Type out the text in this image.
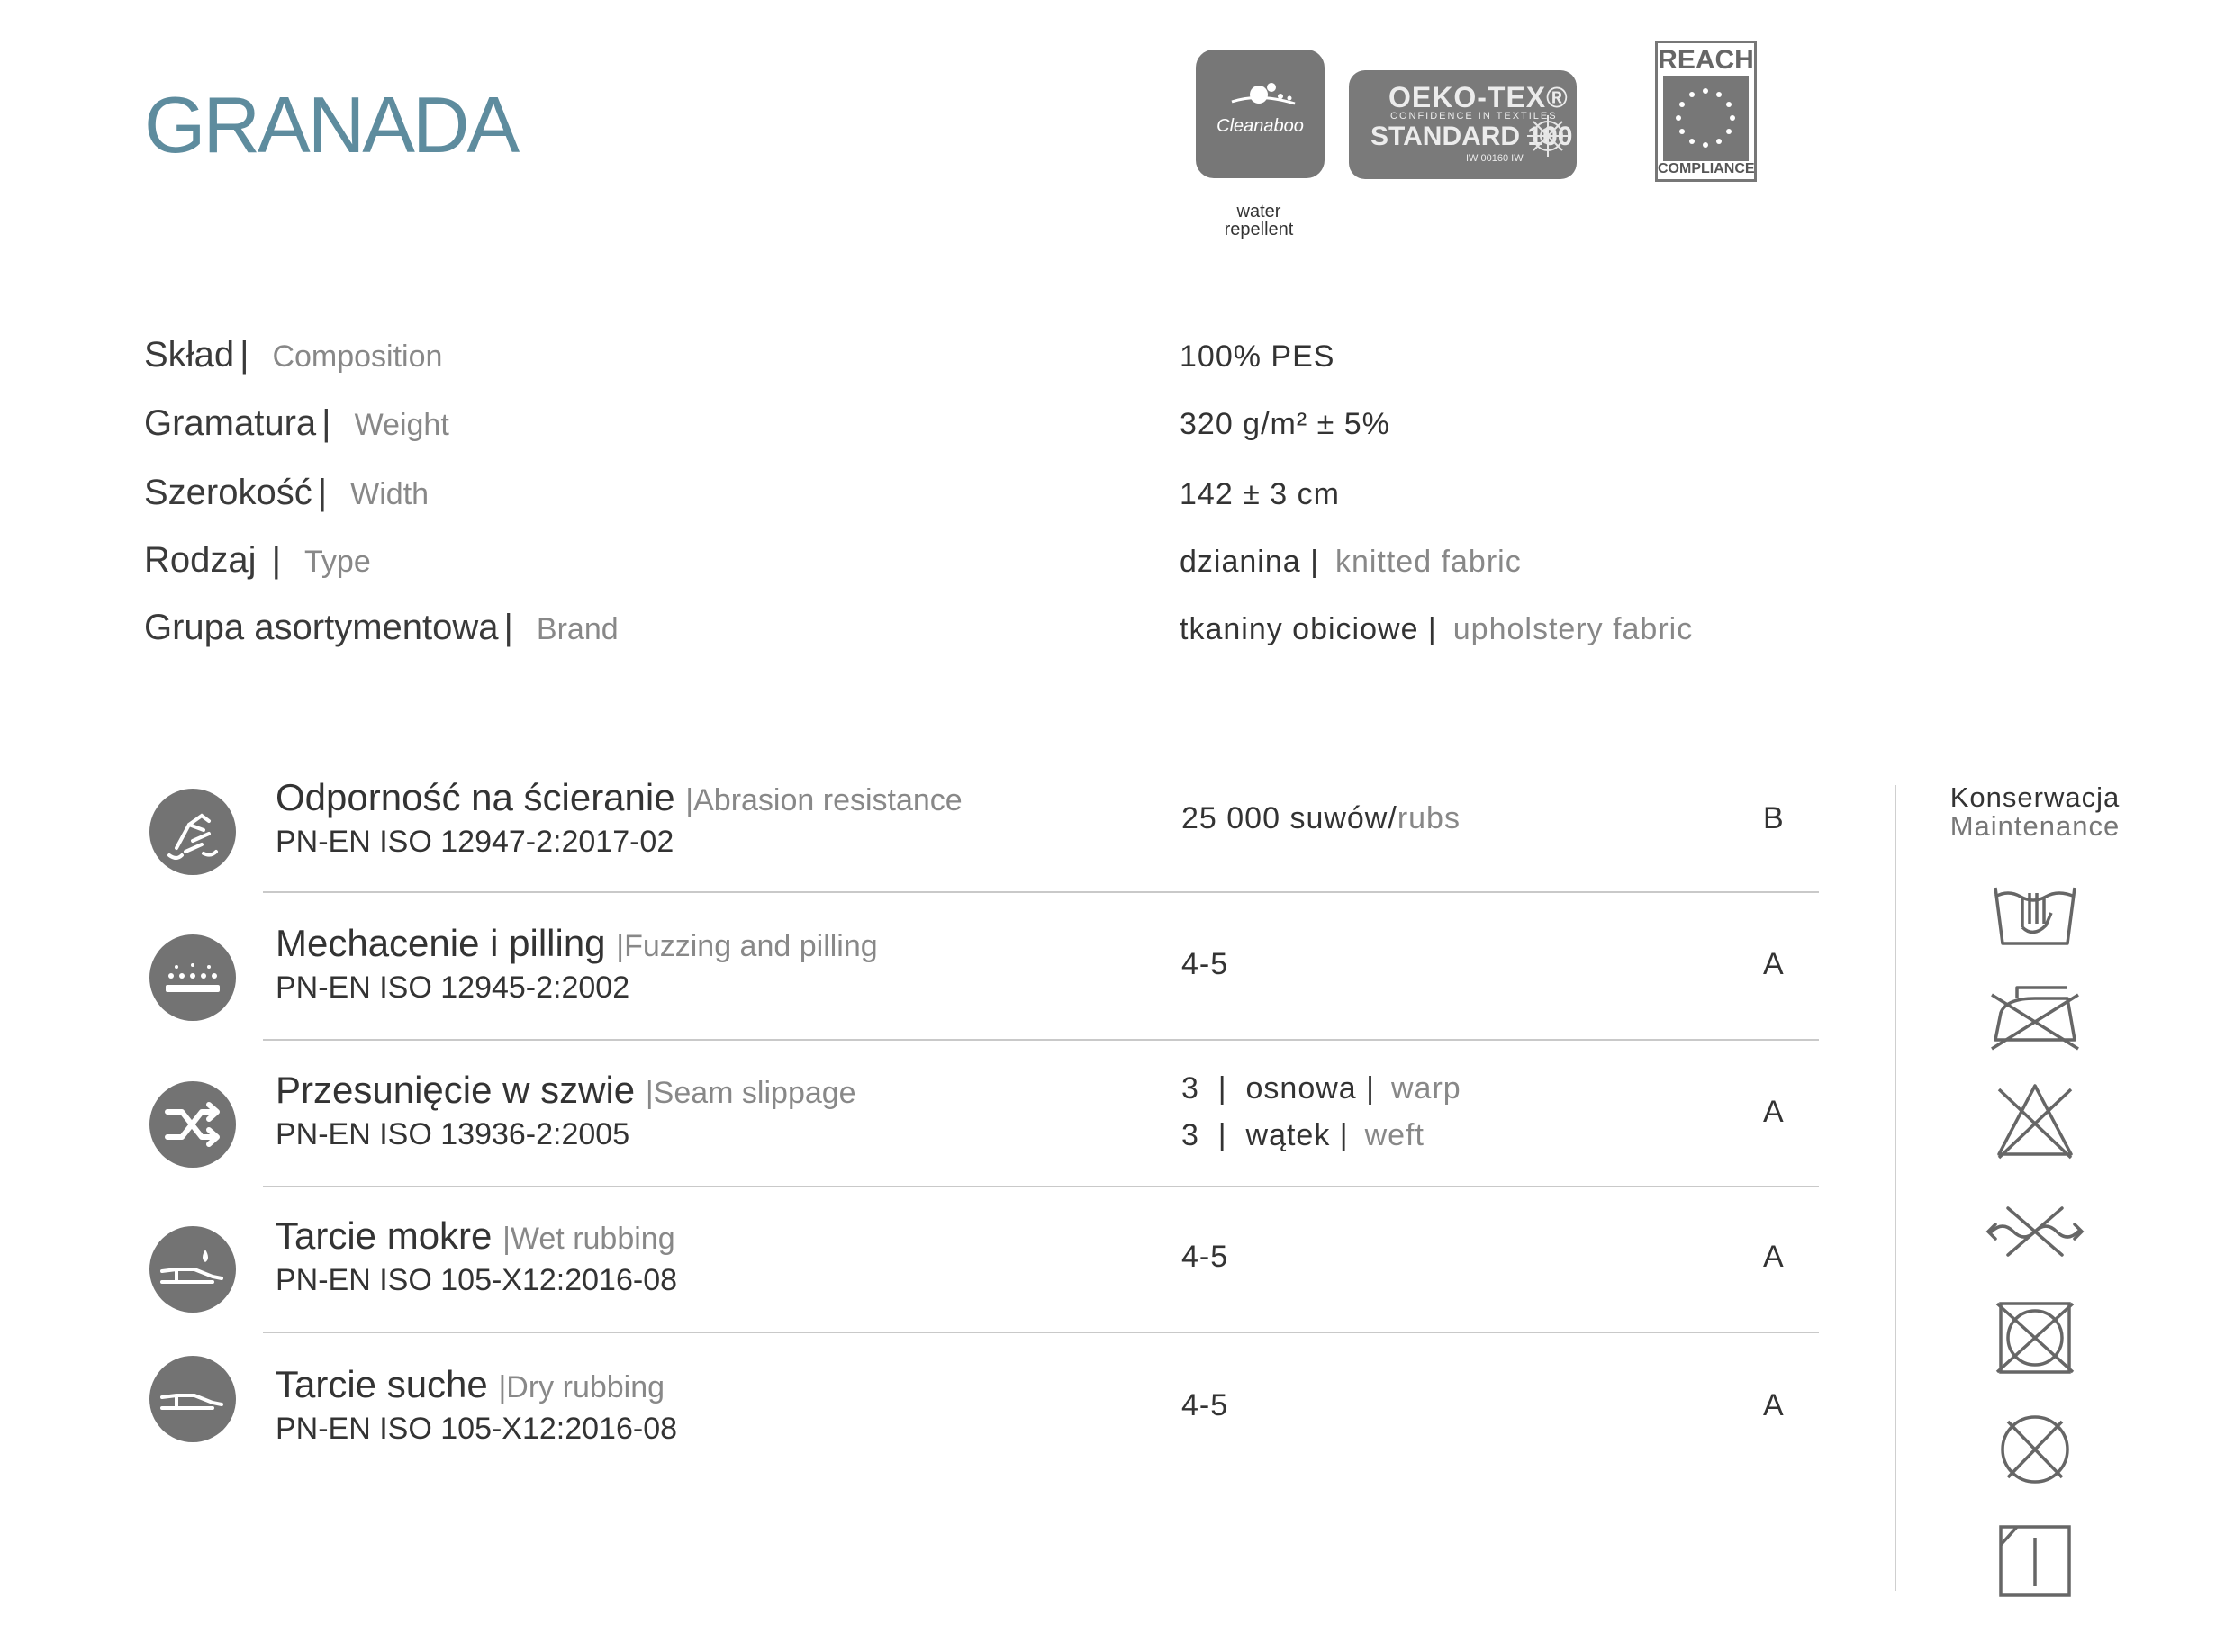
GRANADA	Cleanaboo
water
repellent
OEKO-TEX®
CONFIDENCE IN TEXTILES
STANDARD 100
IW 00160 IW
REACH
COMPLIANCE
Skład | Composition	100% PES
Gramatura | Weight	320 g/m² ± 5%
Szerokość | Width	142 ± 3 cm
Rodzaj | Type	dzianina | knitted fabric
Grupa asortymentowa | Brand	tkaniny obiciowe | upholstery fabric
Odporność na ścieranie |Abrasion resistance
PN-EN ISO 12947-2:2017-02
25 000 suwów/rubs	B
Mechacenie i pilling |Fuzzing and pilling
PN-EN ISO 12945-2:2002
4-5	A
Przesunięcie w szwie |Seam slippage
PN-EN ISO 13936-2:2005
3  |  osnowa | warp
3  |  wątek | weft
A
Tarcie mokre |Wet rubbing
PN-EN ISO 105-X12:2016-08
4-5	A
Tarcie suche |Dry rubbing
PN-EN ISO 105-X12:2016-08
4-5	A
Konserwacja
Maintenance
